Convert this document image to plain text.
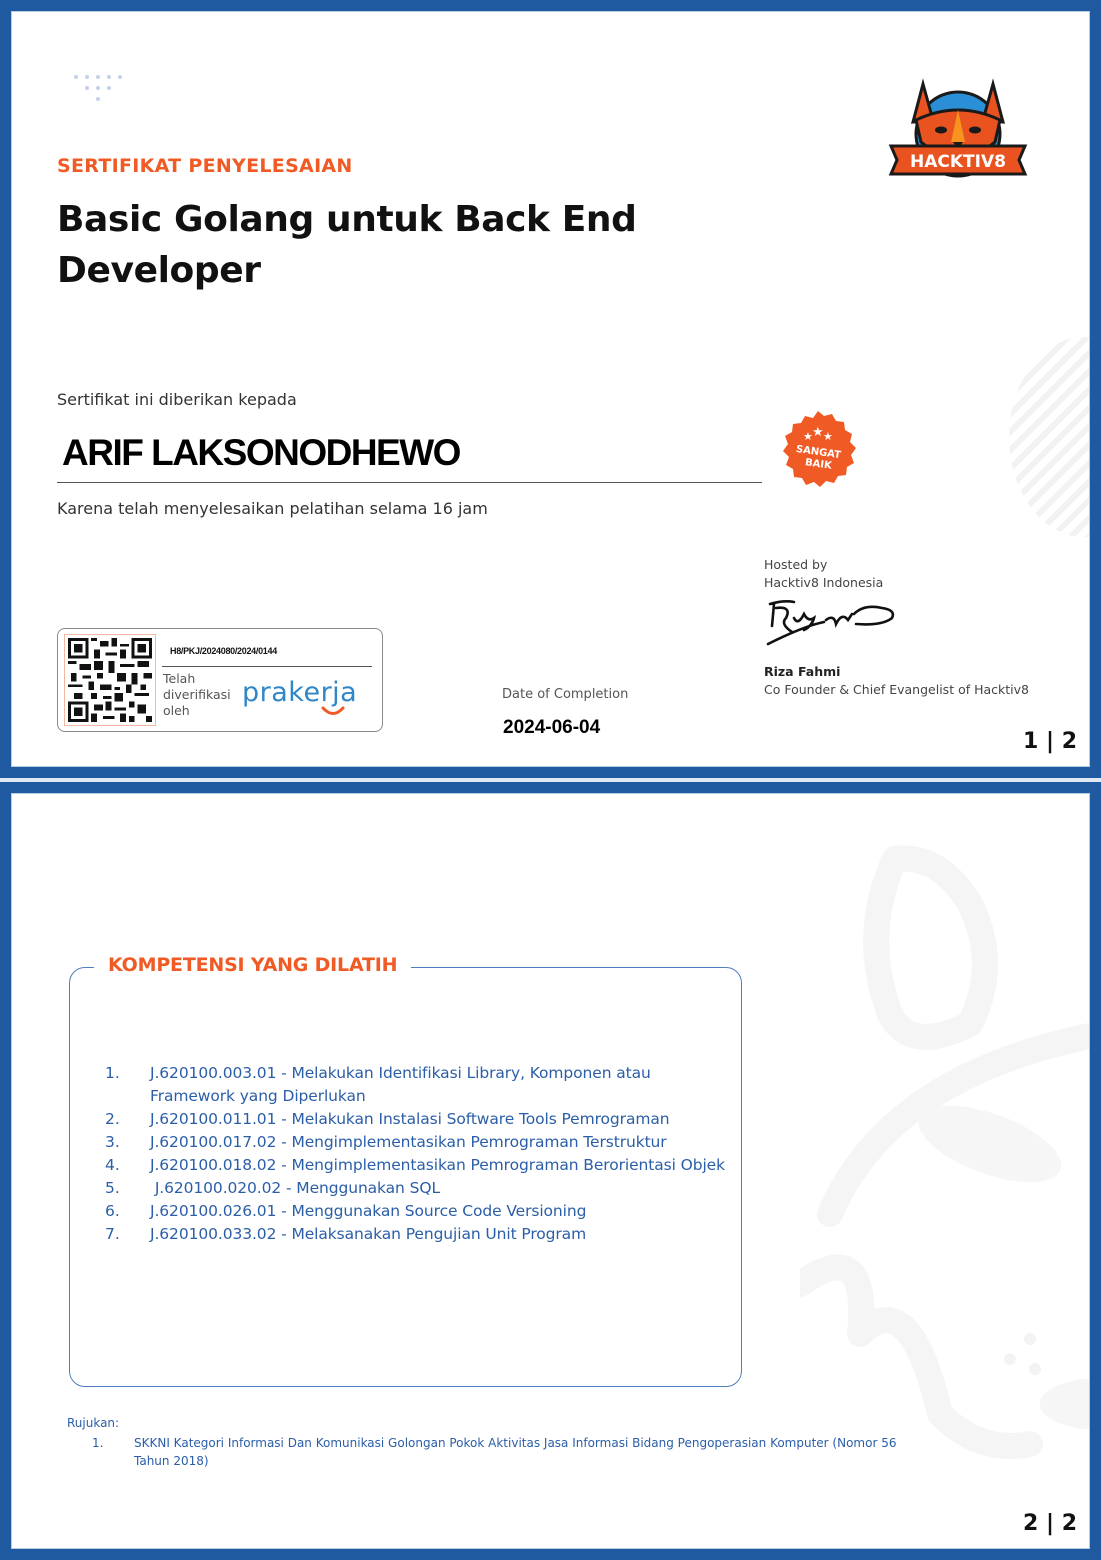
SERTIFIKAT PENYELESAIAN
Basic Golang untuk Back End Developer
HACKTIV8
Sertifikat ini diberikan kepada
ARIF LAKSONODHEWO
Karena telah menyelesaikan pelatihan selama 16 jam
★ ★ ★
SANGAT
BAIK
H8/PKJ/2024080/2024/0144
Telah diverifikasi oleh
prakerja	Date of Completion
2024-06-04
Hosted by
Hacktiv8 Indonesia
Riza Fahmi
Co Founder & Chief Evangelist of Hacktiv8
1 | 2
KOMPETENSI YANG DILATIH
1.	J.620100.003.01 - Melakukan Identifikasi Library, Komponen atau Framework yang Diperlukan
2.	J.620100.011.01 - Melakukan Instalasi Software Tools Pemrograman
3.	J.620100.017.02 - Mengimplementasikan Pemrograman Terstruktur
4.	J.620100.018.02 - Mengimplementasikan Pemrograman Berorientasi Objek
5.	J.620100.020.02 - Menggunakan SQL
6.	J.620100.026.01 - Menggunakan Source Code Versioning
7.	J.620100.033.02 - Melaksanakan Pengujian Unit Program
Rujukan:
1.	SKKNI Kategori Informasi Dan Komunikasi Golongan Pokok Aktivitas Jasa Informasi Bidang Pengoperasian Komputer (Nomor 56 Tahun 2018)
2 | 2
